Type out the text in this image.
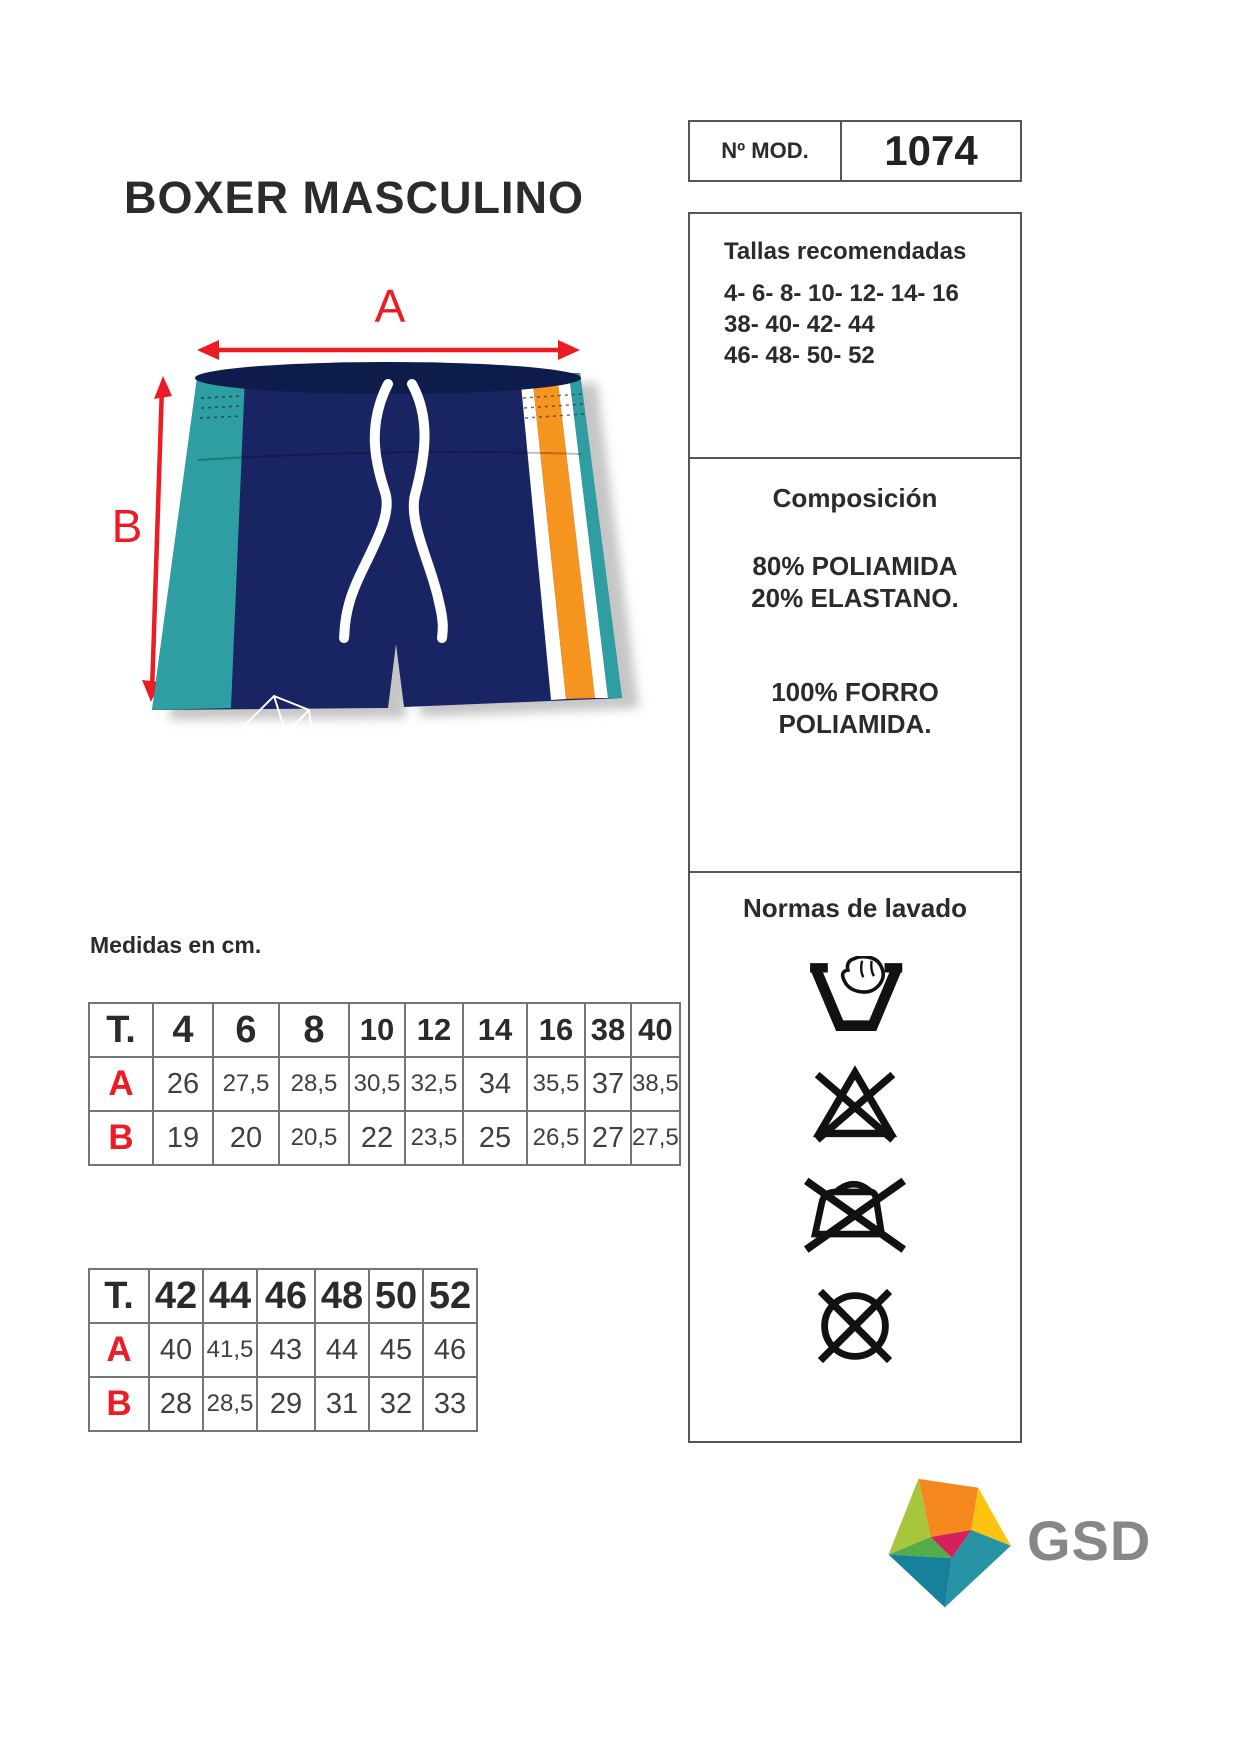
BOXER MASCULINO
Nº MOD.	1074
Tallas recomendadas

4- 6- 8- 10- 12- 14- 16

38- 40- 42- 44

46- 48- 50- 52

Composición

80% POLIAMIDA

20% ELASTANO.

100% FORRO

POLIAMIDA.

Normas de lavado
A
B
GSD
Medidas en cm.
T.	4	6	8	10	12	14	16	38	40
A	26	27,5	28,5	30,5	32,5	34	35,5	37	38,5
B	19	20	20,5	22	23,5	25	26,5	27	27,5
T.	42	44	46	48	50	52
A	40	41,5	43	44	45	46
B	28	28,5	29	31	32	33
GSD
